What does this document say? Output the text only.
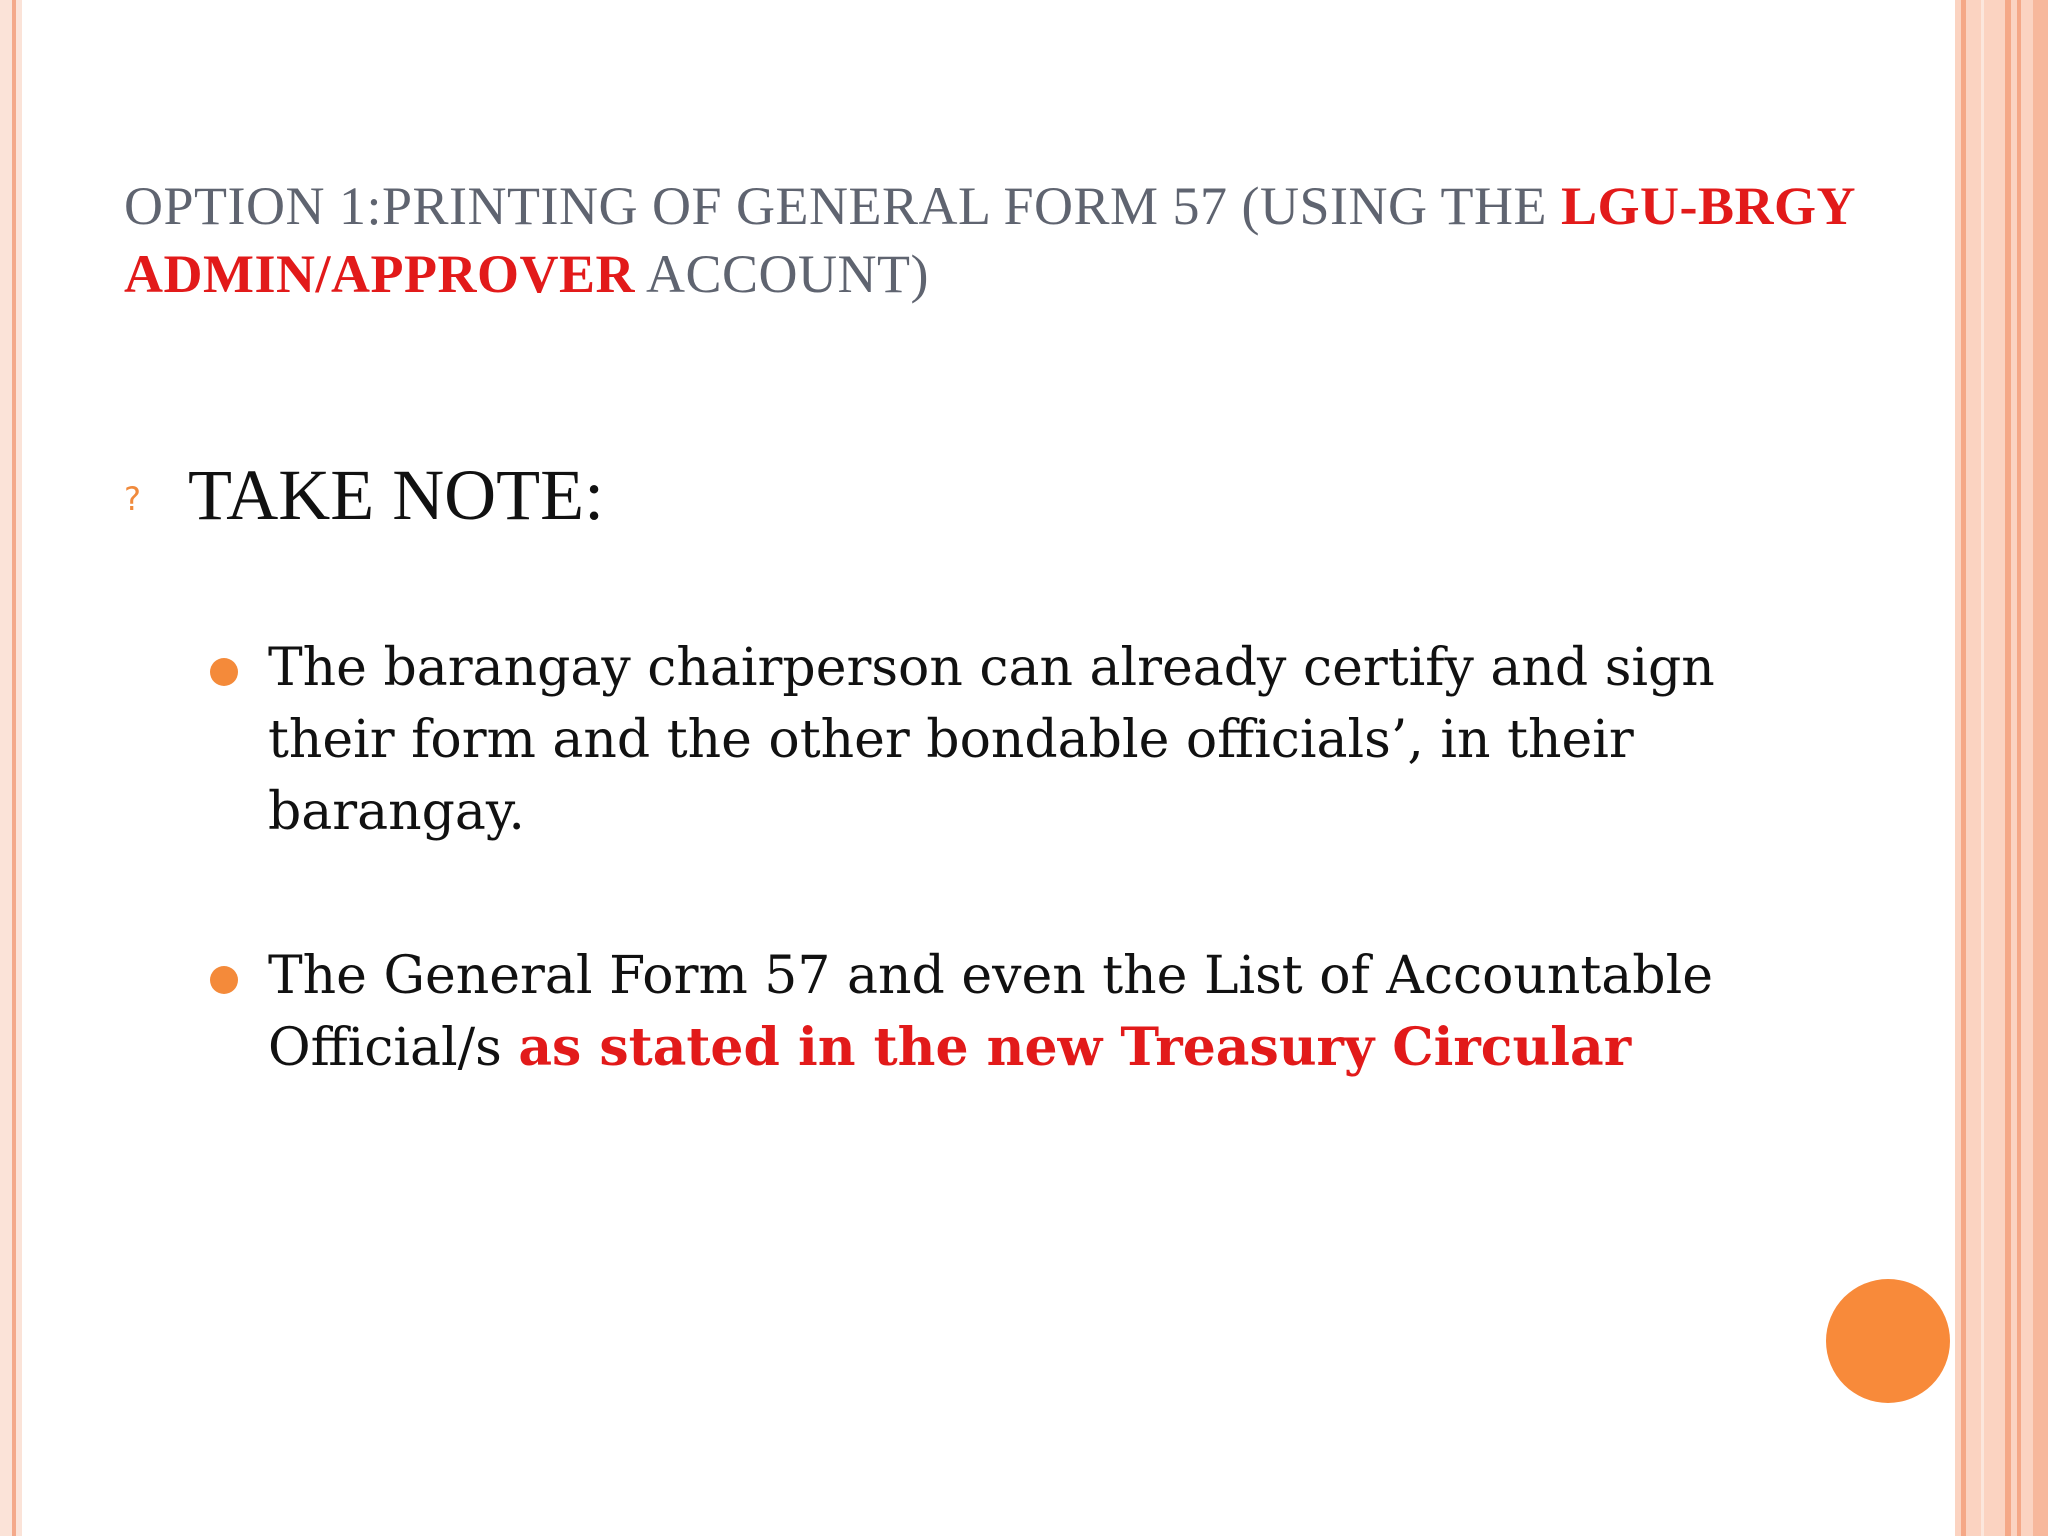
OPTION 1:PRINTING OF GENERAL FORM 57 (USING THE LGU-BRGY ADMIN/APPROVER ACCOUNT)
? TAKE NOTE:
The barangay chairperson can already certify and sign their form and the other bondable officials’, in their barangay.
The General Form 57 and even the List of Accountable Official/s as stated in the new Treasury Circular
